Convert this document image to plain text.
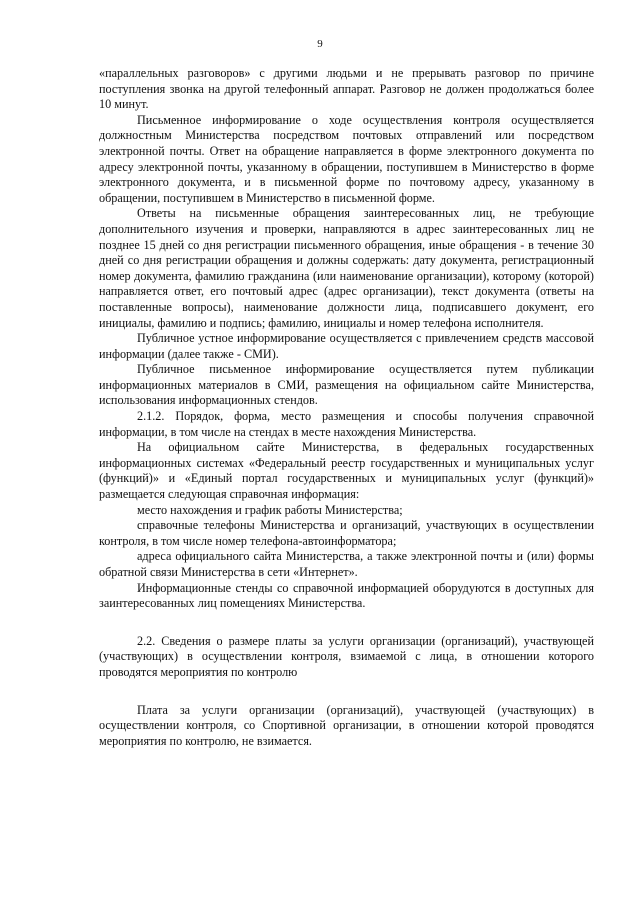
9

«параллельных разговоров» с другими людьми и не прерывать разговор по причине поступления звонка на другой телефонный аппарат. Разговор не должен продолжаться более 10 минут.

Письменное информирование о ходе осуществления контроля осуществляется должностным Министерства посредством почтовых отправлений или посредством электронной почты. Ответ на обращение направляется в форме электронного документа по адресу электронной почты, указанному в обращении, поступившем в Министерство в форме электронного документа, и в письменной форме по почтовому адресу, указанному в обращении, поступившем в Министерство в письменной форме.

Ответы на письменные обращения заинтересованных лиц, не требующие дополнительного изучения и проверки, направляются в адрес заинтересованных лиц не позднее 15 дней со дня регистрации письменного обращения, иные обращения - в течение 30 дней со дня регистрации обращения и должны содержать: дату документа, регистрационный номер документа, фамилию гражданина (или наименование организации), которому (которой) направляется ответ, его почтовый адрес (адрес организации), текст документа (ответы на поставленные вопросы), наименование должности лица, подписавшего документ, его инициалы, фамилию и подпись; фамилию, инициалы и номер телефона исполнителя.

Публичное устное информирование осуществляется с привлечением средств массовой информации (далее также - СМИ).

Публичное письменное информирование осуществляется путем публикации информационных материалов в СМИ, размещения на официальном сайте Министерства, использования информационных стендов.

2.1.2. Порядок, форма, место размещения и способы получения справочной информации, в том числе на стендах в месте нахождения Министерства.

На официальном сайте Министерства, в федеральных государственных информационных системах «Федеральный реестр государственных и муниципальных услуг (функций)» и «Единый портал государственных и муниципальных услуг (функций)» размещается следующая справочная информация:

место нахождения и график работы Министерства;

справочные телефоны Министерства и организаций, участвующих в осуществлении контроля, в том числе номер телефона-автоинформатора;

адреса официального сайта Министерства, а также электронной почты и (или) формы обратной связи Министерства в сети «Интернет».

Информационные стенды со справочной информацией оборудуются в доступных для заинтересованных лиц помещениях Министерства.

2.2. Сведения о размере платы за услуги организации (организаций), участвующей (участвующих) в осуществлении контроля, взимаемой с лица, в отношении которого проводятся мероприятия по контролю

Плата за услуги организации (организаций), участвующей (участвующих) в осуществлении контроля, со Спортивной организации, в отношении которой проводятся мероприятия по контролю, не взимается.
